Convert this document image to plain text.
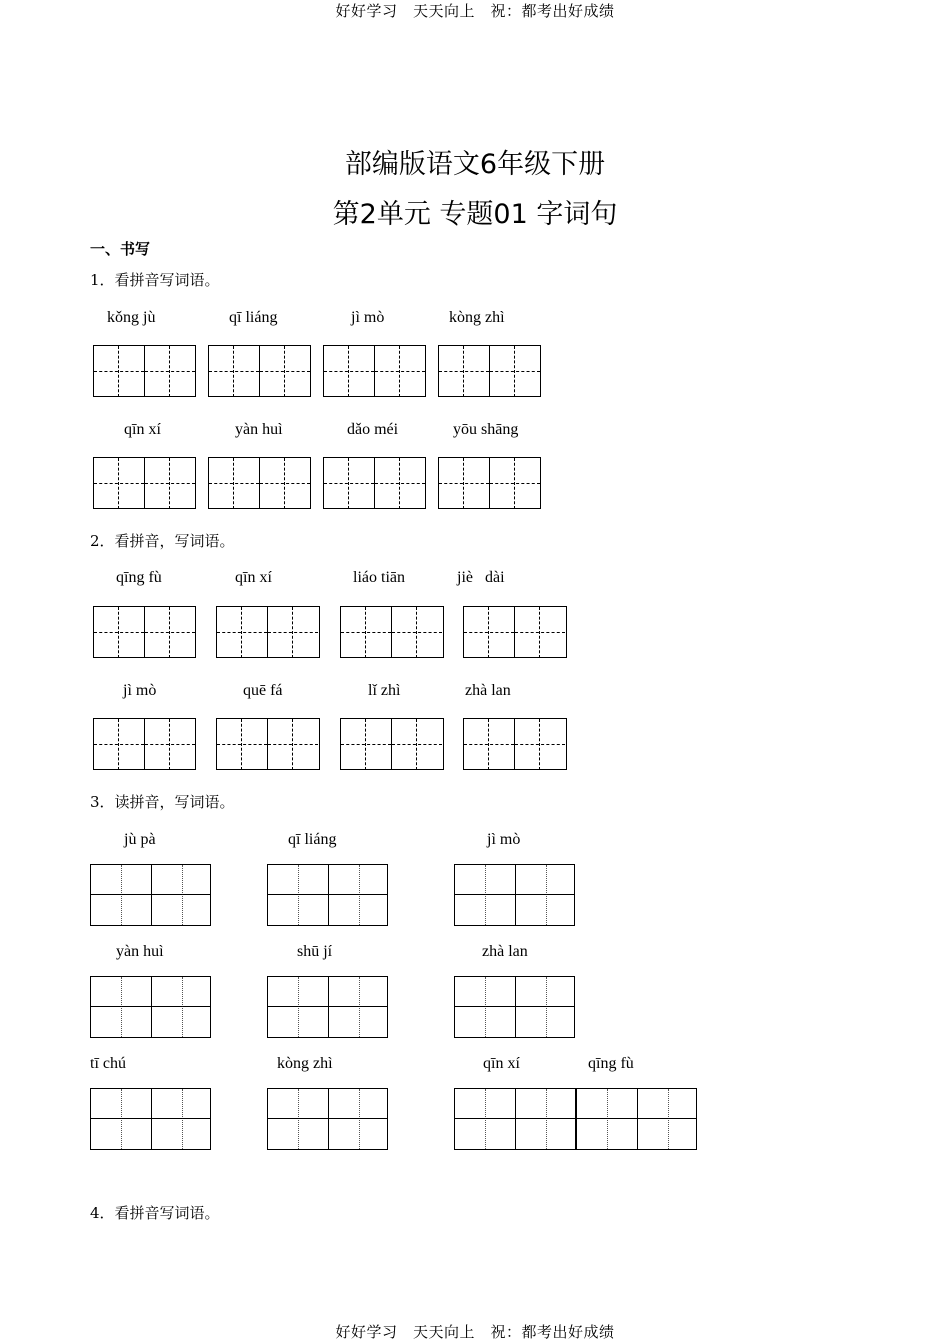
好好学习　天天向上　祝：都考出好成绩
部编版语文6年级下册
第2单元 专题01 字词句
一、书写
1．看拼音写词语。
kǒng jù	qī liáng	jì mò	kòng zhì
qīn xí	yàn huì	dǎo méi	yōu shāng
2．看拼音，写词语。
qīng fù	qīn xí	liáo tiān	jiè   dài
jì mò	quē fá	lǐ zhì	zhà lan
3．读拼音，写词语。
jù pà	qī liáng	jì mò
yàn huì	shū jí	zhà lan
tī chú	kòng zhì	qīn xí	qīng fù
4．看拼音写词语。
好好学习　天天向上　祝：都考出好成绩
